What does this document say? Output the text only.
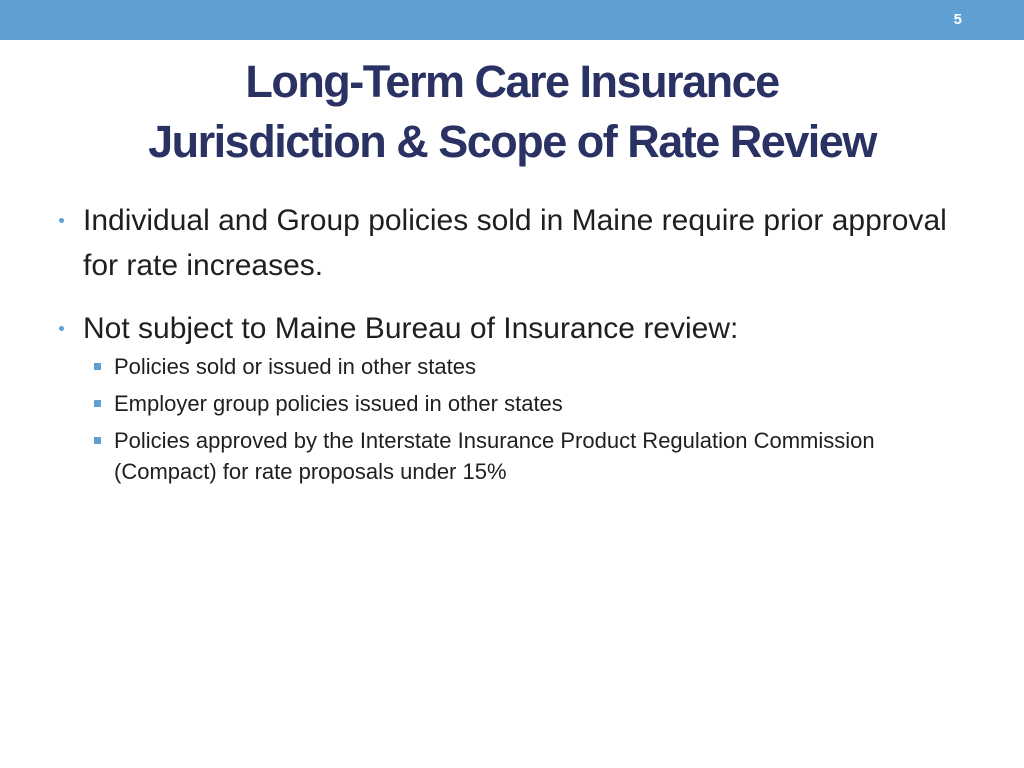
5
Long-Term Care Insurance
Jurisdiction & Scope of Rate Review
Individual and Group policies sold in Maine require prior approval for rate increases.
Not subject to Maine Bureau of Insurance review:
Policies sold or issued in other states
Employer group policies issued in other states
Policies approved by the Interstate Insurance Product Regulation Commission (Compact) for rate proposals under 15%
